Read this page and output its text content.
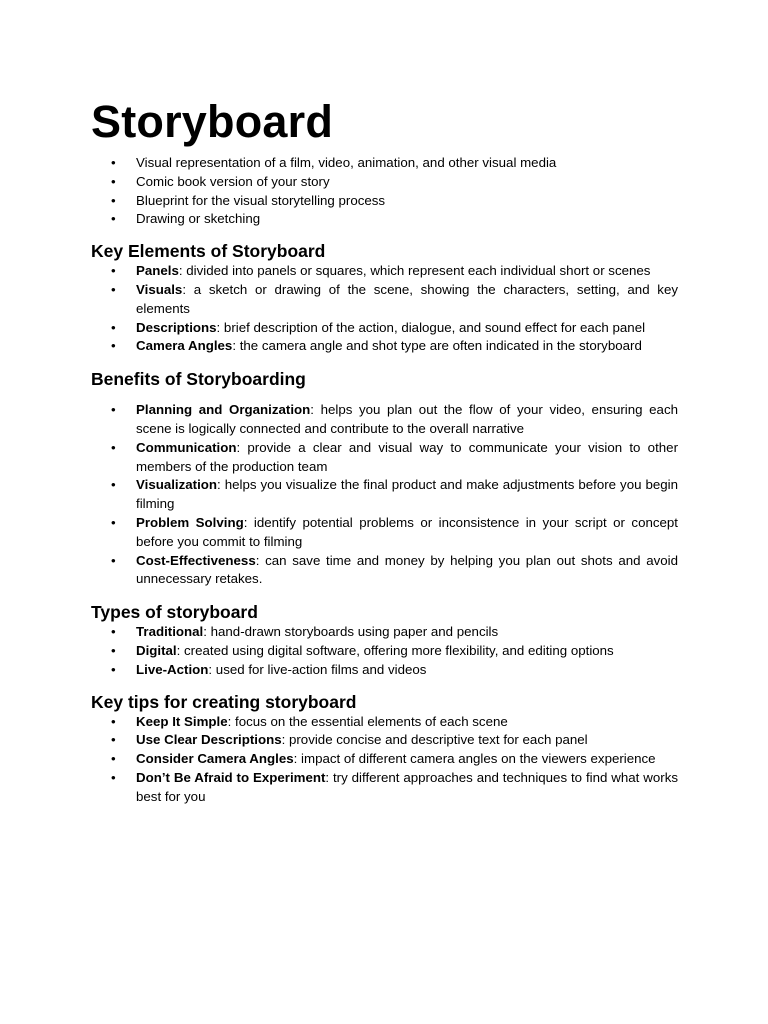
Storyboard
• Visual representation of a film, video, animation, and other visual media
• Comic book version of your story
• Blueprint for the visual storytelling process
• Drawing or sketching
Key Elements of Storyboard
• Panels: divided into panels or squares, which represent each individual short or scenes
• Visuals: a sketch or drawing of the scene, showing the characters, setting, and key elements
• Descriptions: brief description of the action, dialogue, and sound effect for each panel
• Camera Angles: the camera angle and shot type are often indicated in the storyboard
Benefits of Storyboarding
• Planning and Organization: helps you plan out the flow of your video, ensuring each scene is logically connected and contribute to the overall narrative
• Communication: provide a clear and visual way to communicate your vision to other members of the production team
• Visualization: helps you visualize the final product and make adjustments before you begin filming
• Problem Solving: identify potential problems or inconsistence in your script or concept before you commit to filming
• Cost-Effectiveness: can save time and money by helping you plan out shots and avoid unnecessary retakes.
Types of storyboard
• Traditional: hand-drawn storyboards using paper and pencils
• Digital: created using digital software, offering more flexibility, and editing options
• Live-Action: used for live-action films and videos
Key tips for creating storyboard
• Keep It Simple: focus on the essential elements of each scene
• Use Clear Descriptions: provide concise and descriptive text for each panel
• Consider Camera Angles: impact of different camera angles on the viewers experience
• Don’t Be Afraid to Experiment: try different approaches and techniques to find what works best for you
